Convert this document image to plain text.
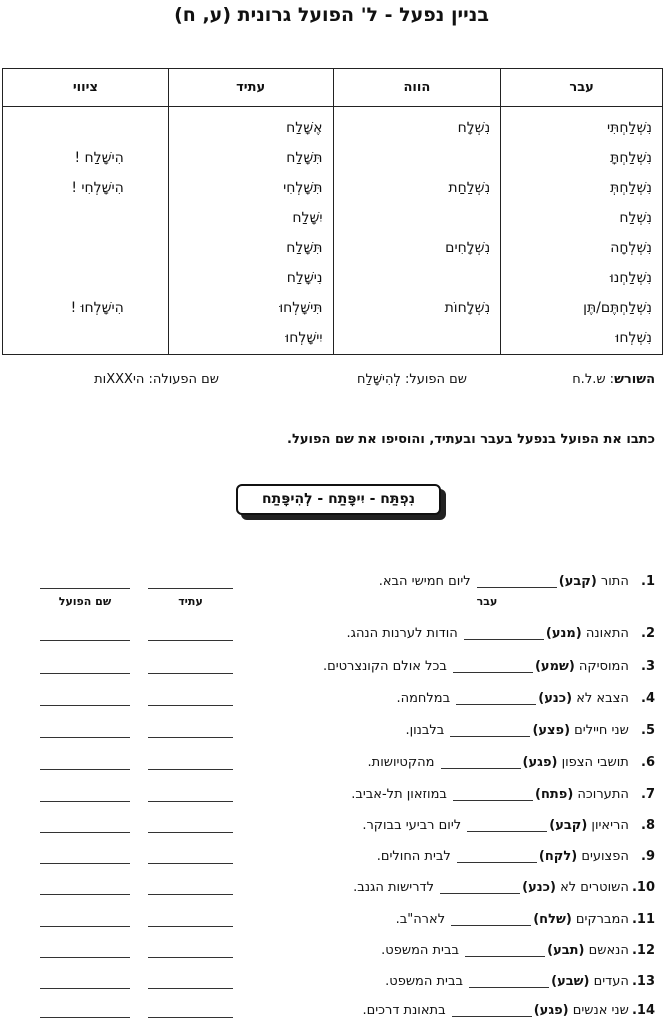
בניין נפעל - ל' הפועל גרונית (ע, ח)
עבר	הווה	עתיד	ציווי
נִשְׁלַחְתִּי	נִשְׁלָח	אֶשָּׁלַח	
נִשְׁלַחְתָּ		תִּשָּׁלַח	הִישָּׁלַח !
נִשְׁלַחְתְּ	נִשְׁלַחַת	תִּשָּׁלְחִי	הִישָּׁלְחִי !
נִשְׁלַח		יִשָּׁלַח	
נִשְׁלְחָה	נִשְׁלָחִים	תִּשָּׁלַח	
נִשְׁלַחְנוּ		נִישָּׁלַח	
נִשְׁלַחְתֶּם/תֶּן	נִשְׁלָחוֹת	תִּישָּׁלְחוּ	הִישָּׁלְחוּ !
נִשְׁלְחוּ		יִישָּׁלְחוּ	
השורש: ש.ל.ח
שם הפועל: לְהִישָּׁלַח
שם הפעולה: היXXXות
כתבו את הפועל בנפעל בעבר ובעתיד, והוסיפו את שם הפועל.
נִפְתַּח - יִיפָּתַח - לְהִיפָּתַח
שם הפועל	עתיד	עבר
1. התור (קבע) ליום חמישי הבא.
2. התאונה (מנע) הודות לערנות הנהג.
3. המוסיקה (שמע) בכל אולם הקונצרטים.
4. הצבא לא (כנע) במלחמה.
5. שני חיילים (פצע) בלבנון.
6. תושבי הצפון (פגע) מהקטיושות.
7. התערוכה (פתח) במוזאון תל-אביב.
8. הריאיון (קבע) ליום רביעי בבוקר.
9. הפצועים (לקח) לבית החולים.
10. השוטרים לא (כנע) לדרישות הגנב.
11. המברקים (שלח) לארה"ב.
12. הנאשם (תבע) בבית המשפט.
13. העדים (שבע) בבית המשפט.
14. שני אנשים (פגע) בתאונת דרכים.
